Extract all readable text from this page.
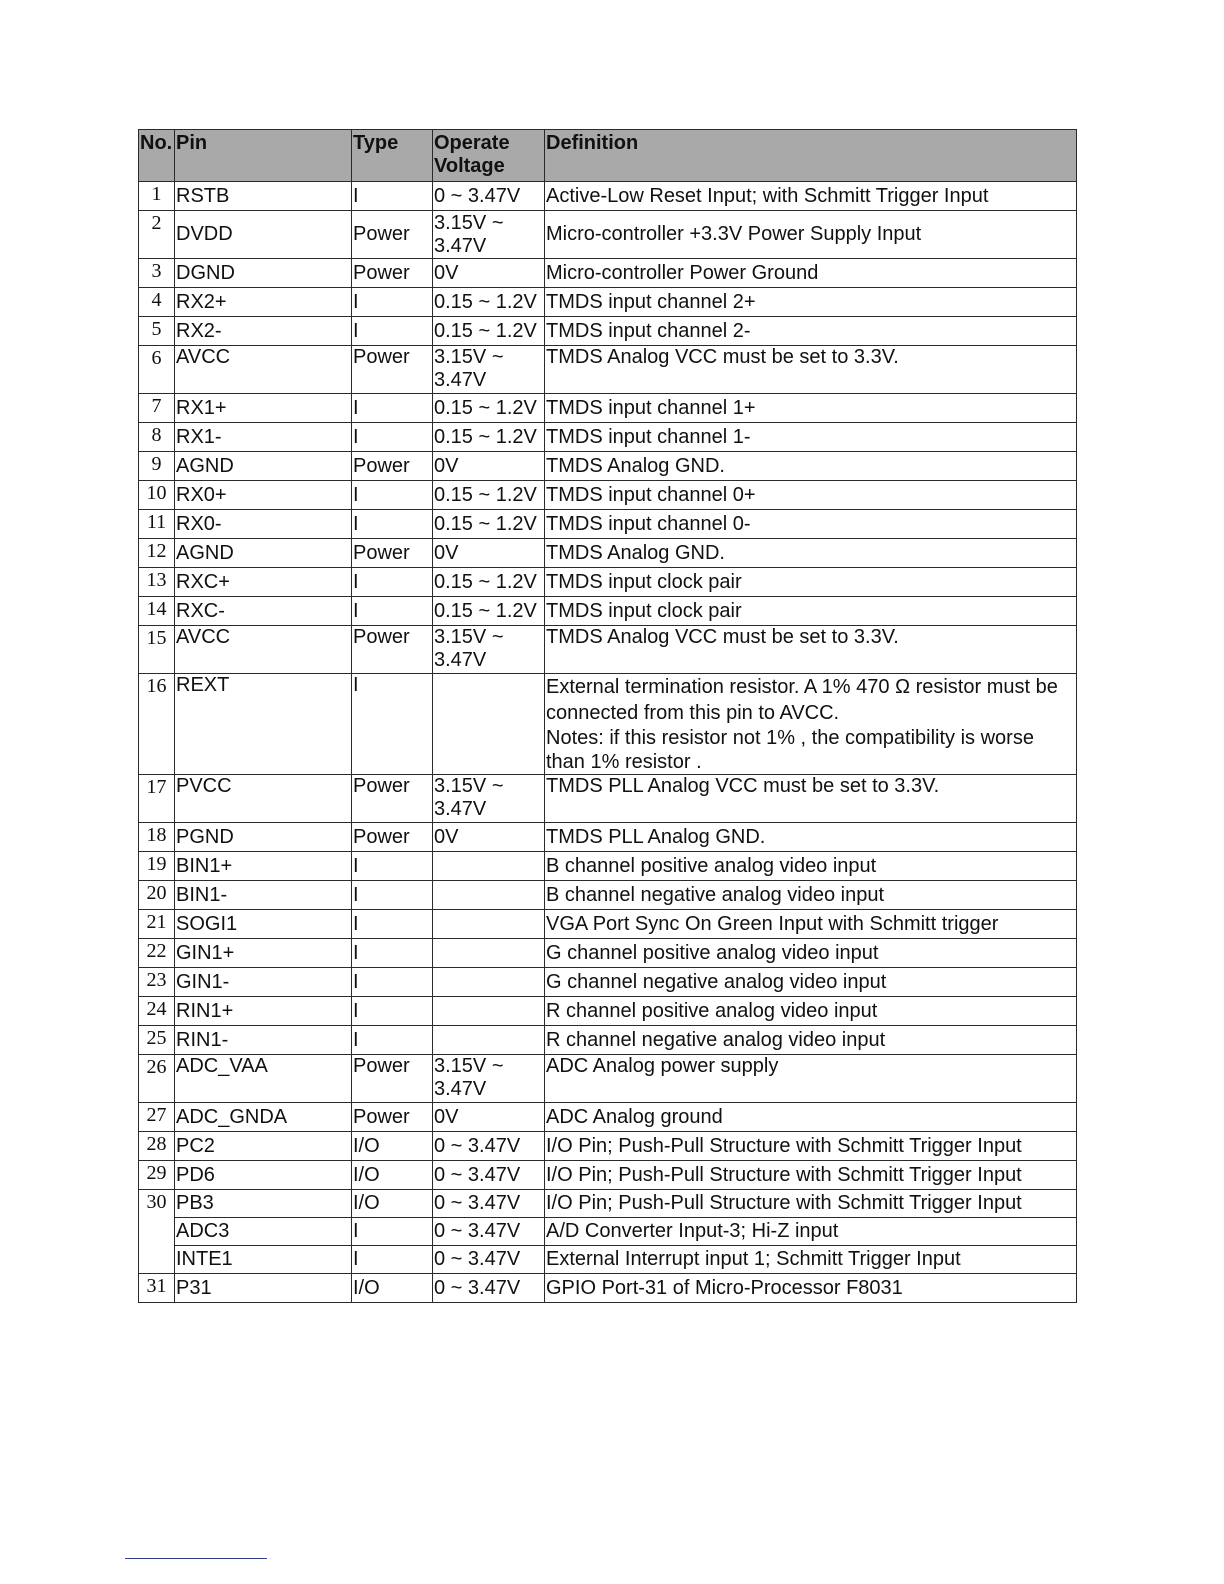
No.	Pin	Type	Operate Voltage	Definition
1	RSTB	I	0 ~ 3.47V	Active-Low Reset Input; with Schmitt Trigger Input
2	DVDD	Power	3.15V ~ 3.47V	Micro-controller +3.3V Power Supply Input
3	DGND	Power	0V	Micro-controller Power Ground
4	RX2+	I	0.15 ~ 1.2V	TMDS input channel 2+
5	RX2-	I	0.15 ~ 1.2V	TMDS input channel 2-
6	AVCC	Power	3.15V ~ 3.47V	TMDS Analog VCC must be set to 3.3V.
7	RX1+	I	0.15 ~ 1.2V	TMDS input channel 1+
8	RX1-	I	0.15 ~ 1.2V	TMDS input channel 1-
9	AGND	Power	0V	TMDS Analog GND.
10	RX0+	I	0.15 ~ 1.2V	TMDS input channel 0+
11	RX0-	I	0.15 ~ 1.2V	TMDS input channel 0-
12	AGND	Power	0V	TMDS Analog GND.
13	RXC+	I	0.15 ~ 1.2V	TMDS input clock pair
14	RXC-	I	0.15 ~ 1.2V	TMDS input clock pair
15	AVCC	Power	3.15V ~ 3.47V	TMDS Analog VCC must be set to 3.3V.
16	REXT	I		External termination resistor. A 1% 470 Ω resistor must be connected from this pin to AVCC.
Notes: if this resistor not 1% , the compatibility is worse than 1% resistor .

17	PVCC	Power	3.15V ~ 3.47V	TMDS PLL Analog VCC must be set to 3.3V.
18	PGND	Power	0V	TMDS PLL Analog GND.
19	BIN1+	I		B channel positive analog video input
20	BIN1-	I		B channel negative analog video input
21	SOGI1	I		VGA Port Sync On Green Input with Schmitt trigger
22	GIN1+	I		G channel positive analog video input
23	GIN1-	I		G channel negative analog video input
24	RIN1+	I		R channel positive analog video input
25	RIN1-	I		R channel negative analog video input
26	ADC_VAA	Power	3.15V ~ 3.47V	ADC Analog power supply
27	ADC_GNDA	Power	0V	ADC Analog ground
28	PC2	I/O	0 ~ 3.47V	I/O Pin; Push-Pull Structure with Schmitt Trigger Input
29	PD6	I/O	0 ~ 3.47V	I/O Pin; Push-Pull Structure with Schmitt Trigger Input
30	PB3	I/O	0 ~ 3.47V	I/O Pin; Push-Pull Structure with Schmitt Trigger Input
	ADC3	I	0 ~ 3.47V	A/D Converter Input-3; Hi-Z input
	INTE1	I	0 ~ 3.47V	External Interrupt input 1; Schmitt Trigger Input
31	P31	I/O	0 ~ 3.47V	GPIO Port-31 of Micro-Processor F8031
